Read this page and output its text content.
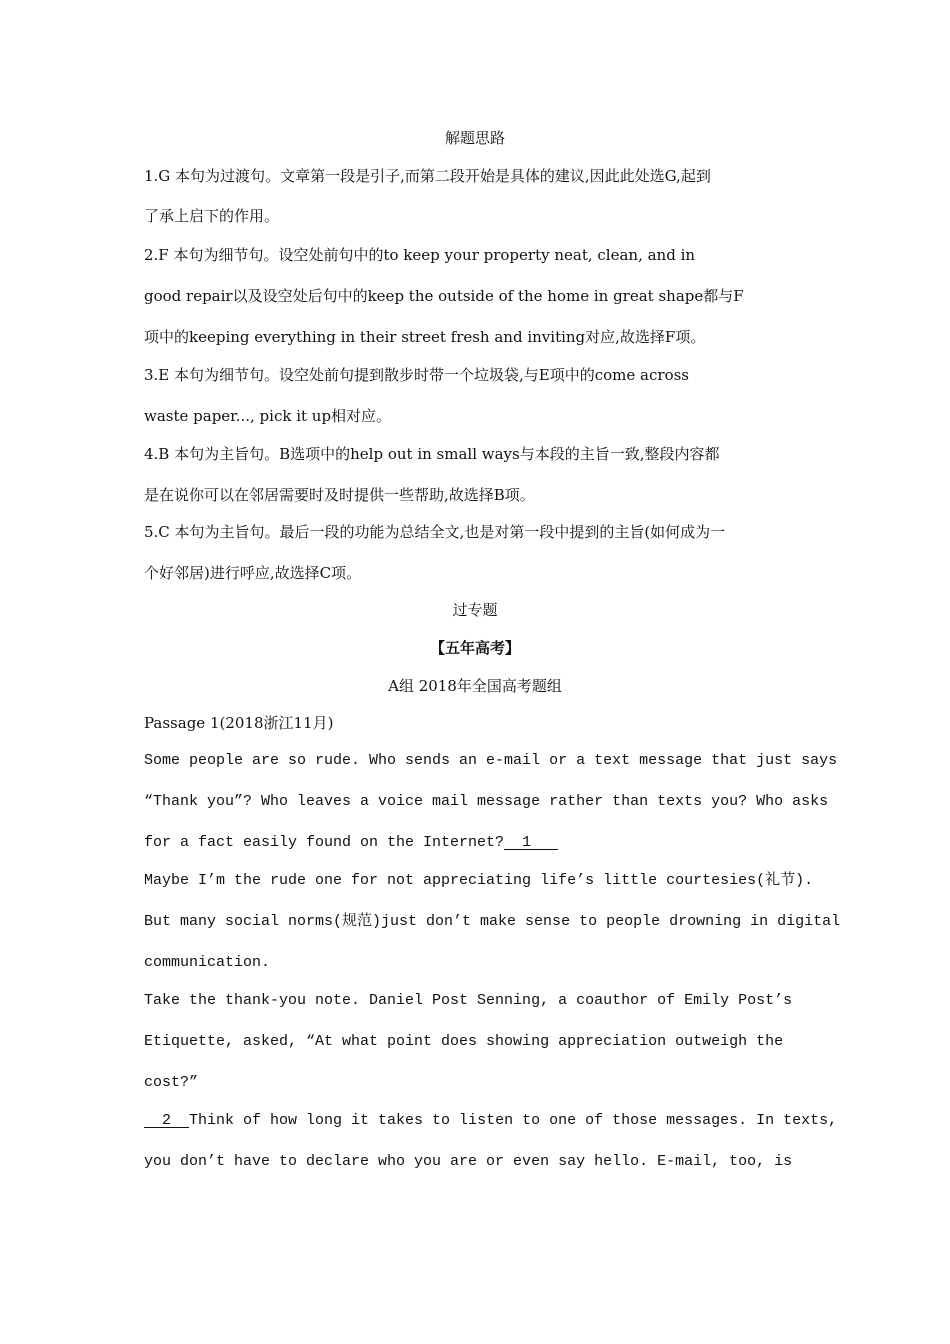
解题思路
1.G 本句为过渡句。文章第一段是引子,而第二段开始是具体的建议,因此此处选G,起到
了承上启下的作用。
2.F 本句为细节句。设空处前句中的to keep your property neat, clean, and in
good repair以及设空处后句中的keep the outside of the home in great shape都与F
项中的keeping everything in their street fresh and inviting对应,故选择F项。
3.E 本句为细节句。设空处前句提到散步时带一个垃圾袋,与E项中的come across
waste paper..., pick it up相对应。
4.B 本句为主旨句。B选项中的help out in small ways与本段的主旨一致,整段内容都
是在说你可以在邻居需要时及时提供一些帮助,故选择B项。
5.C 本句为主旨句。最后一段的功能为总结全文,也是对第一段中提到的主旨(如何成为一
个好邻居)进行呼应,故选择C项。
过专题
【五年高考】
A组 2018年全国高考题组
Passage 1(2018浙江11月)
Some people are so rude. Who sends an e-mail or a text message that just says
“Thank you”? Who leaves a voice mail message rather than texts you? Who asks
for a fact easily found on the Internet?  1
Maybe I’m the rude one for not appreciating life’s little courtesies(礼节).
But many social norms(规范)just don’t make sense to people drowning in digital
communication.
Take the thank-you note. Daniel Post Senning, a coauthor of Emily Post’s
Etiquette, asked, “At what point does showing appreciation outweigh the
cost?”
2  Think of how long it takes to listen to one of those messages. In texts,
you don’t have to declare who you are or even say hello. E-mail, too, is
